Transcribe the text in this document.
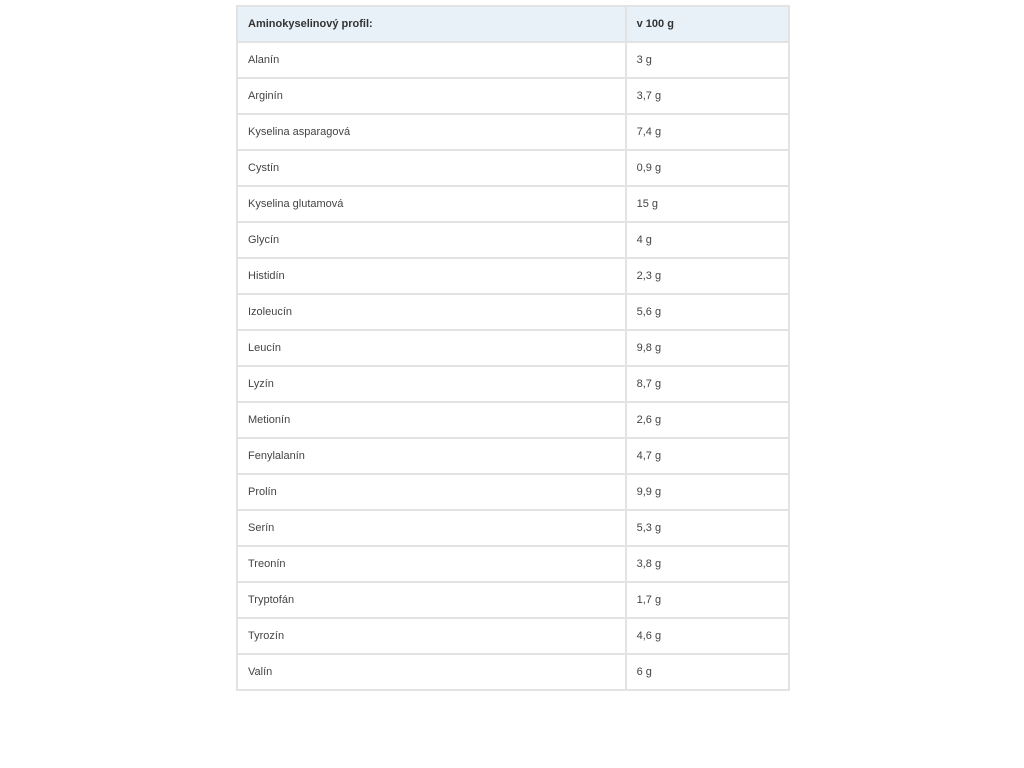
Aminokyselinový profil:	v 100 g
Alanín	3 g
Arginín	3,7 g
Kyselina asparagová	7,4 g
Cystín	0,9 g
Kyselina glutamová	15 g
Glycín	4 g
Histidín	2,3 g
Izoleucín	5,6 g
Leucín	9,8 g
Lyzín	8,7 g
Metionín	2,6 g
Fenylalanín	4,7 g
Prolín	9,9 g
Serín	5,3 g
Treonín	3,8 g
Tryptofán	1,7 g
Tyrozín	4,6 g
Valín	6 g
